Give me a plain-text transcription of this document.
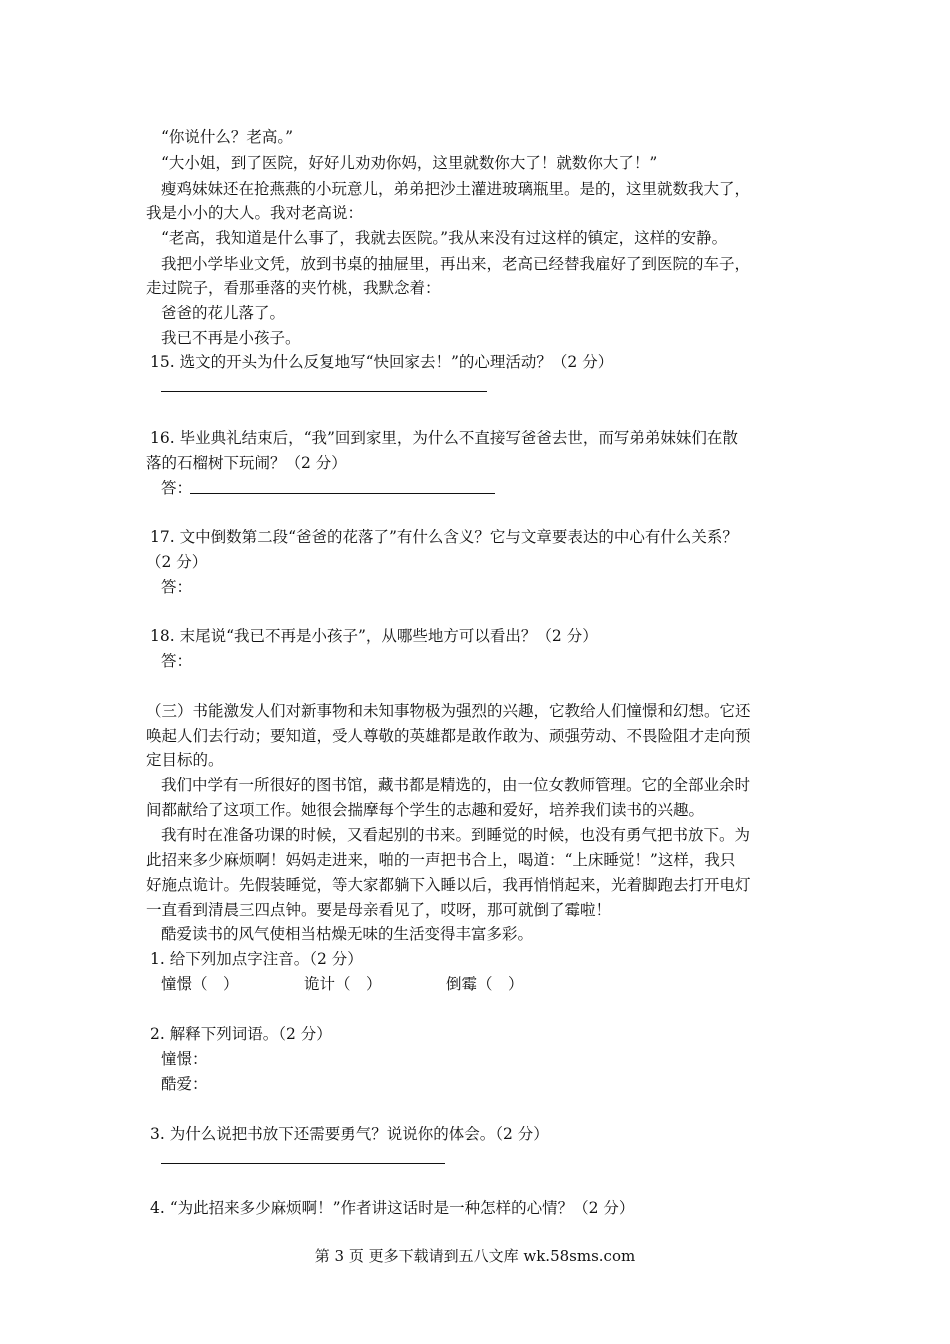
“你说什么？老高。”
“大小姐，到了医院，好好儿劝劝你妈，这里就数你大了！就数你大了！”
瘦鸡妹妹还在抢燕燕的小玩意儿，弟弟把沙土灌进玻璃瓶里。是的，这里就数我大了，
我是小小的大人。我对老高说：
“老高，我知道是什么事了，我就去医院。”我从来没有过这样的镇定，这样的安静。
我把小学毕业文凭，放到书桌的抽屉里，再出来，老高已经替我雇好了到医院的车子，
走过院子，看那垂落的夹竹桃，我默念着：
爸爸的花儿落了。
我已不再是小孩子。
15. 选文的开头为什么反复地写“快回家去！”的心理活动？（2 分）
16. 毕业典礼结束后，“我”回到家里，为什么不直接写爸爸去世，而写弟弟妹妹们在散
落的石榴树下玩闹？（2 分）
答：
17. 文中倒数第二段“爸爸的花落了”有什么含义？它与文章要表达的中心有什么关系？
（2 分）
答：
18. 末尾说“我已不再是小孩子”，从哪些地方可以看出？（2 分）
答：
（三）书能激发人们对新事物和未知事物极为强烈的兴趣，它教给人们憧憬和幻想。它还
唤起人们去行动；要知道，受人尊敬的英雄都是敢作敢为、顽强劳动、不畏险阻才走向预
定目标的。
我们中学有一所很好的图书馆，藏书都是精选的，由一位女教师管理。它的全部业余时
间都献给了这项工作。她很会揣摩每个学生的志趣和爱好，培养我们读书的兴趣。
我有时在准备功课的时候，又看起别的书来。到睡觉的时候，也没有勇气把书放下。为
此招来多少麻烦啊！妈妈走进来，啪的一声把书合上，喝道：“上床睡觉！”这样，我只
好施点诡计。先假装睡觉，等大家都躺下入睡以后，我再悄悄起来，光着脚跑去打开电灯
一直看到清晨三四点钟。要是母亲看见了，哎呀，那可就倒了霉啦！
酷爱读书的风气使相当枯燥无味的生活变得丰富多彩。
1. 给下列加点字注音。（2 分）
憧憬（　）	诡计（　）	倒霉（　）
2. 解释下列词语。（2 分）
憧憬：
酷爱：
3. 为什么说把书放下还需要勇气？说说你的体会。（2 分）
4. “为此招来多少麻烦啊！”作者讲这话时是一种怎样的心情？（2 分）
第 3 页 更多下载请到五八文库 wk.58sms.com
